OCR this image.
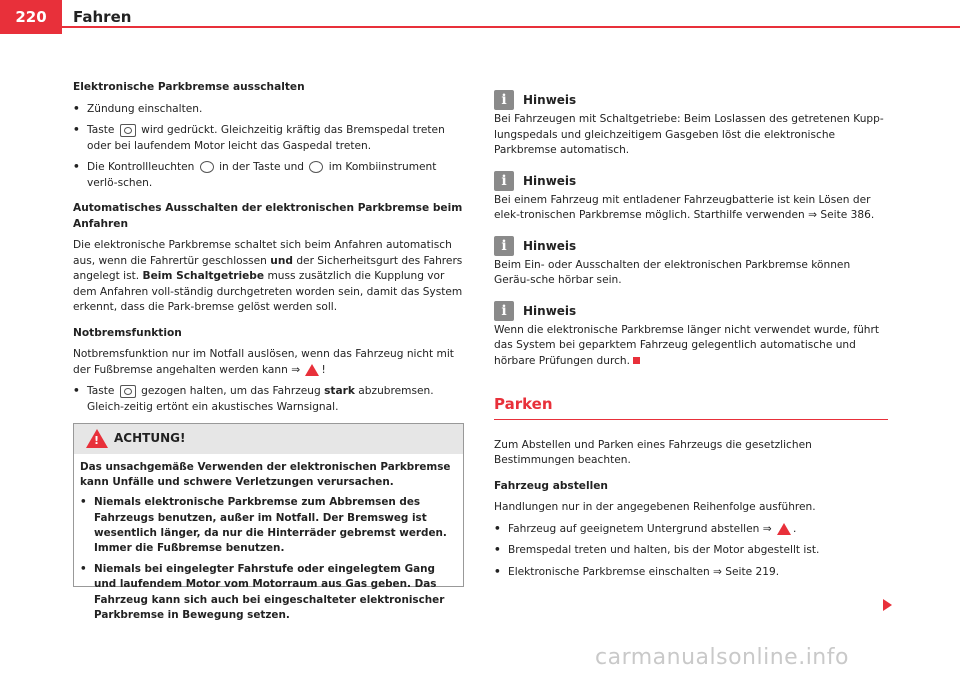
220	Fahren
Elektronische Parkbremse ausschalten
• Zündung einschalten.
• Taste	wird gedrückt. Gleichzeitig kräftig das Bremspedal treten oder bei laufendem Motor leicht das Gaspedal treten.
• Die Kontrollleuchten in der Taste und im Kombiinstrument verlö-schen.
Automatisches Ausschalten der elektronischen Parkbremse beim Anfahren

Die elektronische Parkbremse schaltet sich beim Anfahren automatisch aus, wenn die Fahrertür geschlossen und der Sicherheitsgurt des Fahrers angelegt ist. Beim Schaltgetriebe muss zusätzlich die Kupplung vor dem Anfahren voll-ständig durchgetreten worden sein, damit das System erkennt, dass die Park-bremse gelöst werden soll.

Notbremsfunktion

Notbremsfunktion nur im Notfall auslösen, wenn das Fahrzeug nicht mit der Fußbremse angehalten werden kann ⇒ !

• Taste	gezogen halten, um das Fahrzeug stark abzubremsen. Gleich-zeitig ertönt ein akustisches Warnsignal.
! ACHTUNG!

Das unsachgemäße Verwenden der elektronischen Parkbremse kann Unfälle und schwere Verletzungen verursachen.

• Niemals elektronische Parkbremse zum Abbremsen des Fahrzeugs benutzen, außer im Notfall. Der Bremsweg ist wesentlich länger, da nur die Hinterräder gebremst werden. Immer die Fußbremse benutzen.
• Niemals bei eingelegter Fahrstufe oder eingelegtem Gang und laufendem Motor vom Motorraum aus Gas geben. Das Fahrzeug kann sich auch bei eingeschalteter elektronischer Parkbremse in Bewegung setzen.
i	Hinweis

Bei Fahrzeugen mit Schaltgetriebe: Beim Loslassen des getretenen Kupp-lungspedals und gleichzeitigem Gasgeben löst die elektronische Parkbremse automatisch.

i	Hinweis

Bei einem Fahrzeug mit entladener Fahrzeugbatterie ist kein Lösen der elek-tronischen Parkbremse möglich. Starthilfe verwenden ⇒ Seite 386.

i	Hinweis

Beim Ein- oder Ausschalten der elektronischen Parkbremse können Geräu-sche hörbar sein.

i	Hinweis

Wenn die elektronische Parkbremse länger nicht verwendet wurde, führt das System bei geparktem Fahrzeug gelegentlich automatische und hörbare Prüfungen durch.

Parken

Zum Abstellen und Parken eines Fahrzeugs die gesetzlichen Bestimmungen beachten.

Fahrzeug abstellen

Handlungen nur in der angegebenen Reihenfolge ausführen.

• Fahrzeug auf geeignetem Untergrund abstellen ⇒ .
• Bremspedal treten und halten, bis der Motor abgestellt ist.
• Elektronische Parkbremse einschalten ⇒ Seite 219.
carmanualsonline.info
